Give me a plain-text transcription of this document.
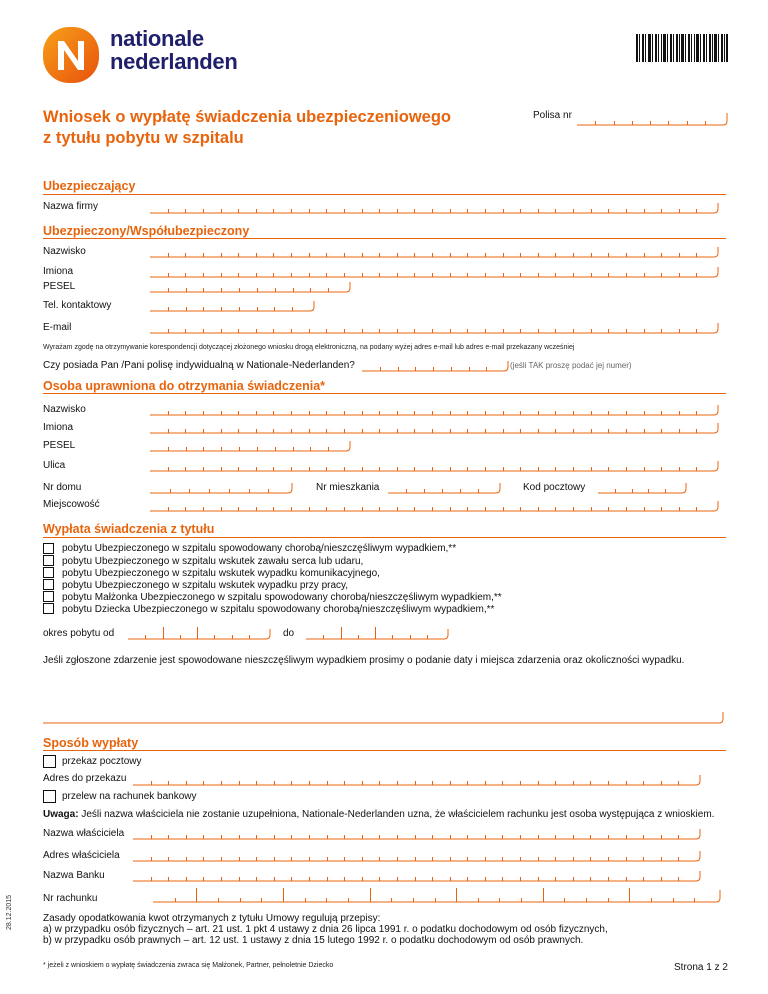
nationale
nederlanden
Wniosek o wypłatę świadczenia ubezpieczeniowego
z tytułu pobytu w szpitalu
Polisa nr
Ubezpieczający
Nazwa firmy
Ubezpieczony/Współubezpieczony
Nazwisko
Imiona
PESEL
Tel. kontaktowy
E-mail
Wyrażam zgodę na otrzymywanie korespondencji dotyczącej złożonego wniosku drogą elektroniczną, na podany wyżej adres e-mail lub adres e-mail przekazany wcześniej
Czy posiada Pan /Pani polisę indywidualną w Nationale-Nederlanden?	(jeśli TAK proszę podać jej numer)
Osoba uprawniona do otrzymania świadczenia*
Nazwisko
Imiona
PESEL
Ulica
Nr domu	Nr mieszkania	Kod pocztowy
Miejscowość
Wypłata świadczenia z tytułu
pobytu Ubezpieczonego w szpitalu spowodowany chorobą/nieszczęśliwym wypadkiem,**
pobytu Ubezpieczonego w szpitalu wskutek zawału serca lub udaru,
pobytu Ubezpieczonego w szpitalu wskutek wypadku komunikacyjnego,
pobytu Ubezpieczonego w szpitalu wskutek wypadku przy pracy,
pobytu Małżonka Ubezpieczonego w szpitalu spowodowany chorobą/nieszczęśliwym wypadkiem,**
pobytu Dziecka Ubezpieczonego w szpitalu spowodowany chorobą/nieszczęśliwym wypadkiem,**
okres pobytu od	do
Jeśli zgłoszone zdarzenie jest spowodowane nieszczęśliwym wypadkiem prosimy o podanie daty i miejsca zdarzenia oraz okoliczności wypadku.
Sposób wypłaty
przekaz pocztowy
Adres do przekazu
przelew na rachunek bankowy
Uwaga: Jeśli nazwa właściciela nie zostanie uzupełniona, Nationale-Nederlanden uzna, że właścicielem rachunku jest osoba występująca z wnioskiem.
Nazwa właściciela
Adres właściciela
Nazwa Banku
Nr rachunku
Zasady opodatkowania kwot otrzymanych z tytułu Umowy regulują przepisy:
a) w przypadku osób fizycznych – art. 21 ust. 1 pkt 4 ustawy z dnia 26 lipca 1991 r. o podatku dochodowym od osób fizycznych,
b) w przypadku osób prawnych – art. 12 ust. 1 ustawy z dnia 15 lutego 1992 r. o podatku dochodowym od osób prawnych.
* jeżeli z wnioskiem o wypłatę świadczenia zwraca się Małżonek, Partner, pełnoletnie Dziecko	Strona 1 z 2
28.12.2015
